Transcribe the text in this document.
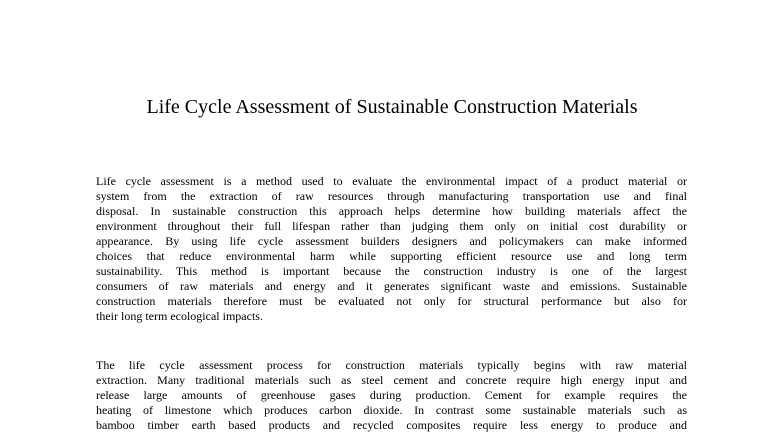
Life Cycle Assessment of Sustainable Construction Materials
Life cycle assessment is a method used to evaluate the environmental impact of a product material or
system from the extraction of raw resources through manufacturing transportation use and final
disposal. In sustainable construction this approach helps determine how building materials affect the
environment throughout their full lifespan rather than judging them only on initial cost durability or
appearance. By using life cycle assessment builders designers and policymakers can make informed
choices that reduce environmental harm while supporting efficient resource use and long term
sustainability. This method is important because the construction industry is one of the largest
consumers of raw materials and energy and it generates significant waste and emissions. Sustainable
construction materials therefore must be evaluated not only for structural performance but also for
their long term ecological impacts.
The life cycle assessment process for construction materials typically begins with raw material
extraction. Many traditional materials such as steel cement and concrete require high energy input and
release large amounts of greenhouse gases during production. Cement for example requires the
heating of limestone which produces carbon dioxide. In contrast some sustainable materials such as
bamboo timber earth based products and recycled composites require less energy to produce and
